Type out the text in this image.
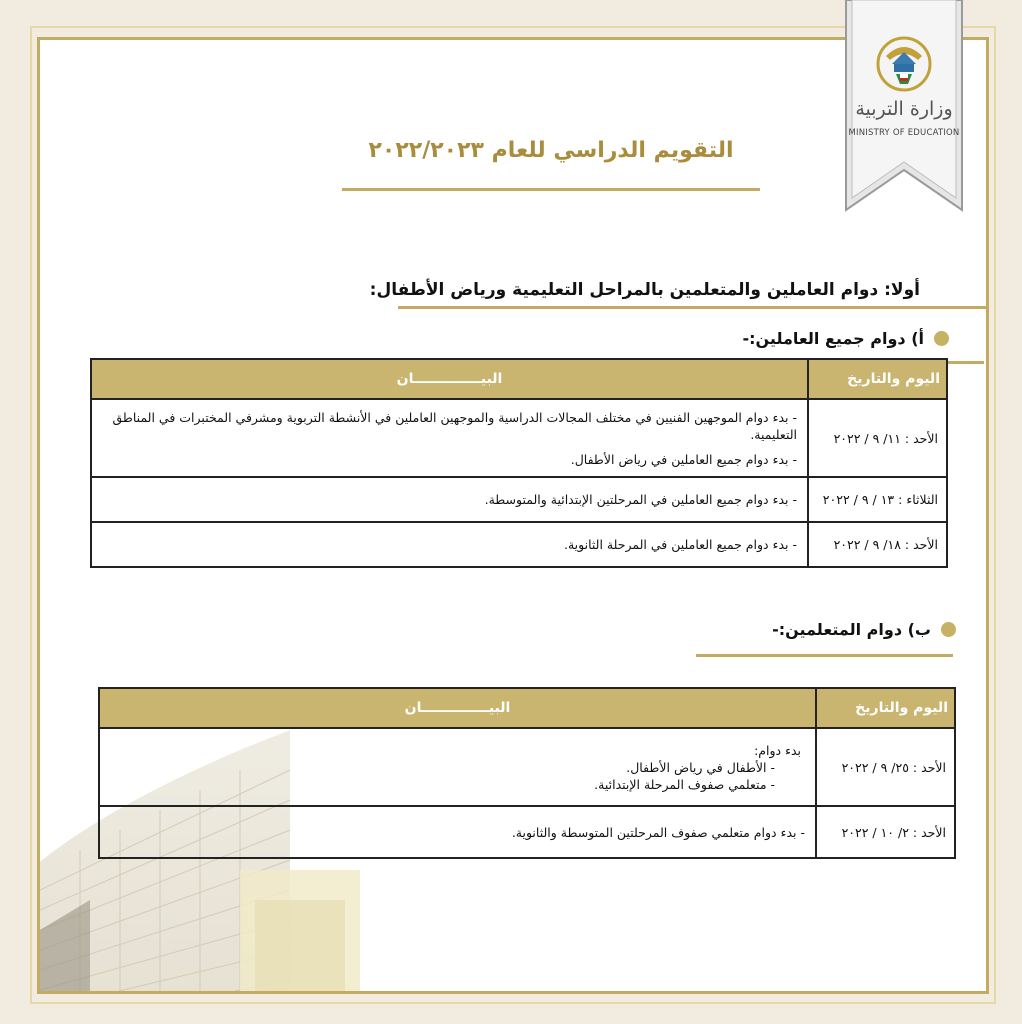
التقويم الدراسي للعام ٢٠٢٢/٢٠٢٣
أولا: دوام العاملين والمتعلمين بالمراحل التعليمية ورياض الأطفال:
أ) دوام جميع العاملين:-
اليوم والتاريخ	البيــــــــــــــان
الأحد : ١١/ ٩ / ٢٠٢٢	- بدء دوام الموجهين الفنيين في مختلف المجالات الدراسية والموجهين العاملين في الأنشطة التربوية ومشرفي المختبرات في المناطق التعليمية.

- بدء دوام جميع العاملين في رياض الأطفال.

الثلاثاء : ١٣ / ٩ / ٢٠٢٢	- بدء دوام جميع العاملين في المرحلتين الإبتدائية والمتوسطة.

الأحد : ١٨/ ٩ / ٢٠٢٢	- بدء دوام جميع العاملين في المرحلة الثانوية.

ب) دوام المتعلمين:-
اليوم والتاريخ	البيــــــــــــــان
الأحد : ٢٥/ ٩ / ٢٠٢٢	بدء دوام:

- الأطفال في رياض الأطفال.

- متعلمي صفوف المرحلة الإبتدائية.

الأحد : ٢/ ١٠ / ٢٠٢٢	- بدء دوام متعلمي صفوف المرحلتين المتوسطة والثانوية.

وزارة التربية
MINISTRY OF EDUCATION
